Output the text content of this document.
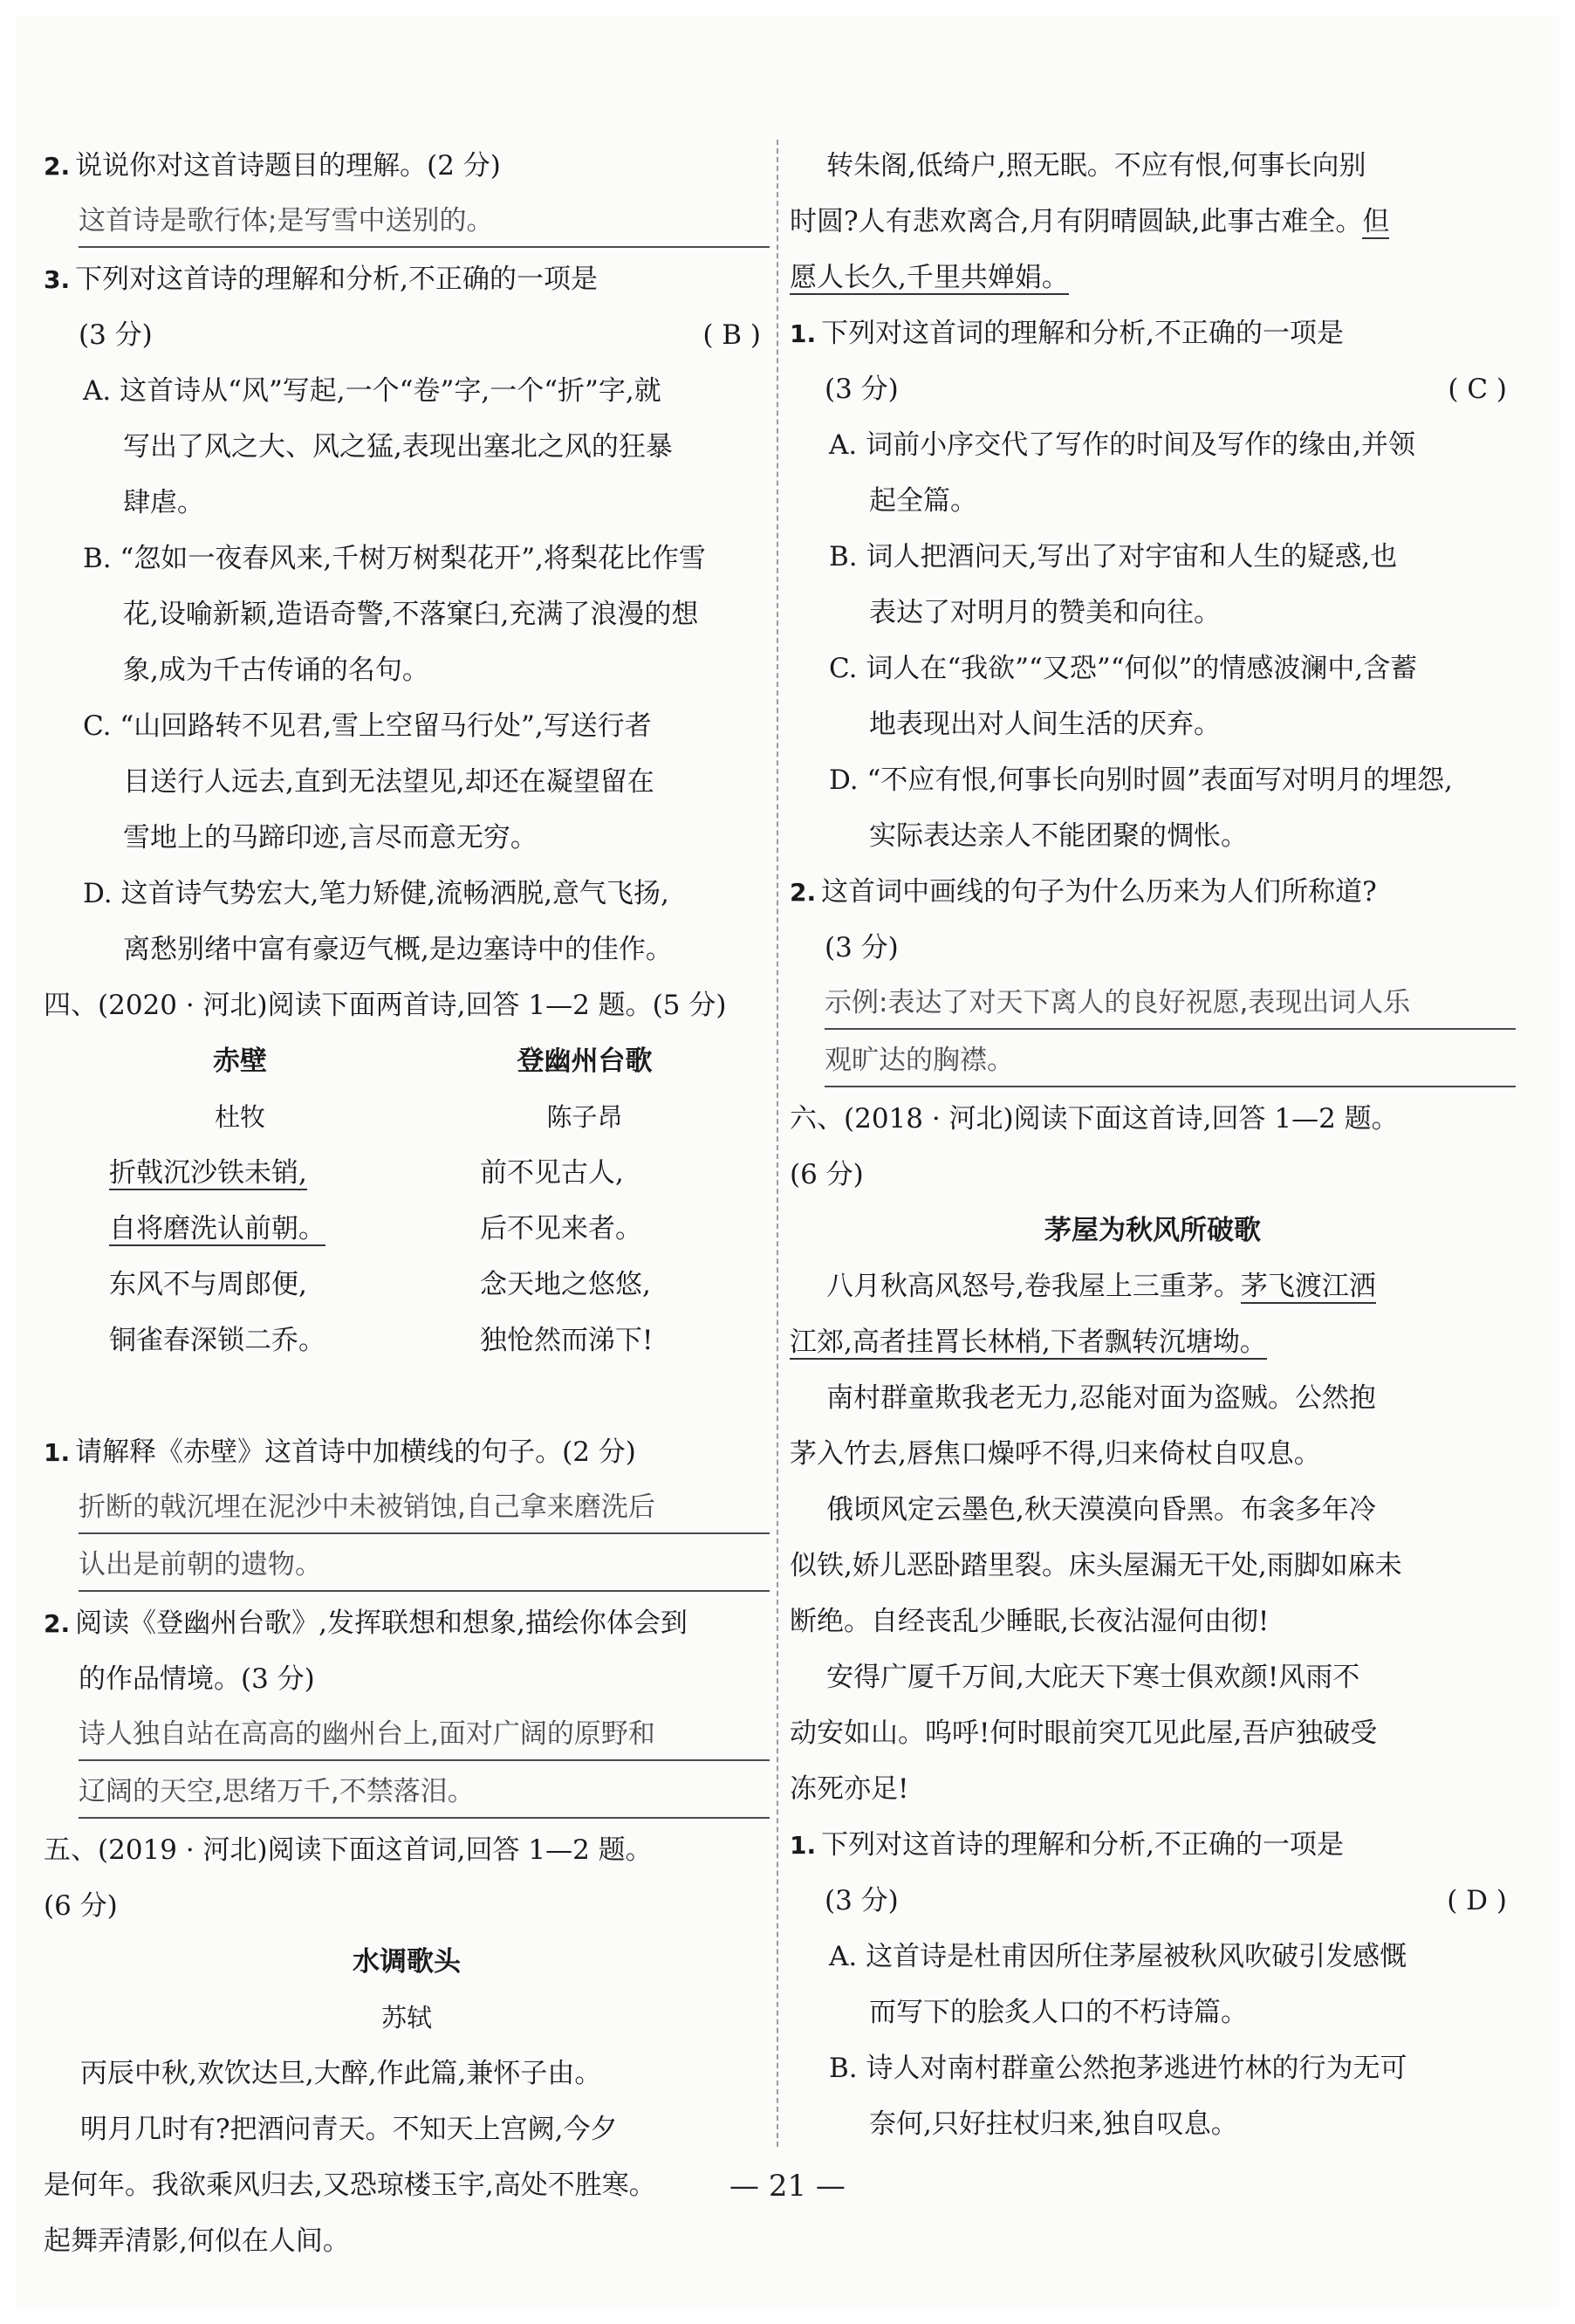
2. 说说你对这首诗题目的理解。(2 分)
这首诗是歌行体;是写雪中送别的。
3. 下列对这首诗的理解和分析,不正确的一项是
(3 分)	( B )
A. 这首诗从“风”写起,一个“卷”字,一个“折”字,就
写出了风之大、风之猛,表现出塞北之风的狂暴
肆虐。
B. “忽如一夜春风来,千树万树梨花开”,将梨花比作雪
花,设喻新颖,造语奇警,不落窠臼,充满了浪漫的想
象,成为千古传诵的名句。
C. “山回路转不见君,雪上空留马行处”,写送行者
目送行人远去,直到无法望见,却还在凝望留在
雪地上的马蹄印迹,言尽而意无穷。
D. 这首诗气势宏大,笔力矫健,流畅洒脱,意气飞扬,
离愁别绪中富有豪迈气概,是边塞诗中的佳作。
四、(2020 · 河北)阅读下面两首诗,回答 1—2 题。(5 分)
赤壁
杜牧
折戟沉沙铁未销,
自将磨洗认前朝。
东风不与周郎便,
铜雀春深锁二乔。
登幽州台歌
陈子昂
前不见古人,
后不见来者。
念天地之悠悠,
独怆然而涕下!
1. 请解释《赤壁》这首诗中加横线的句子。(2 分)
折断的戟沉埋在泥沙中未被销蚀,自己拿来磨洗后
认出是前朝的遗物。
2. 阅读《登幽州台歌》,发挥联想和想象,描绘你体会到
的作品情境。(3 分)
诗人独自站在高高的幽州台上,面对广阔的原野和
辽阔的天空,思绪万千,不禁落泪。
五、(2019 · 河北)阅读下面这首词,回答 1—2 题。
(6 分)
水调歌头
苏轼
丙辰中秋,欢饮达旦,大醉,作此篇,兼怀子由。
明月几时有?把酒问青天。不知天上宫阙,今夕
是何年。我欲乘风归去,又恐琼楼玉宇,高处不胜寒。
起舞弄清影,何似在人间。
转朱阁,低绮户,照无眠。不应有恨,何事长向别
时圆?人有悲欢离合,月有阴晴圆缺,此事古难全。但
愿人长久,千里共婵娟。
1. 下列对这首词的理解和分析,不正确的一项是
(3 分)	( C )
A. 词前小序交代了写作的时间及写作的缘由,并领
起全篇。
B. 词人把酒问天,写出了对宇宙和人生的疑惑,也
表达了对明月的赞美和向往。
C. 词人在“我欲”“又恐”“何似”的情感波澜中,含蓄
地表现出对人间生活的厌弃。
D. “不应有恨,何事长向别时圆”表面写对明月的埋怨,
实际表达亲人不能团聚的惆怅。
2. 这首词中画线的句子为什么历来为人们所称道?
(3 分)
示例:表达了对天下离人的良好祝愿,表现出词人乐
观旷达的胸襟。
六、(2018 · 河北)阅读下面这首诗,回答 1—2 题。
(6 分)
茅屋为秋风所破歌
八月秋高风怒号,卷我屋上三重茅。茅飞渡江洒
江郊,高者挂罥长林梢,下者飘转沉塘坳。
南村群童欺我老无力,忍能对面为盗贼。公然抱
茅入竹去,唇焦口燥呼不得,归来倚杖自叹息。
俄顷风定云墨色,秋天漠漠向昏黑。布衾多年冷
似铁,娇儿恶卧踏里裂。床头屋漏无干处,雨脚如麻未
断绝。自经丧乱少睡眠,长夜沾湿何由彻!
安得广厦千万间,大庇天下寒士俱欢颜!风雨不
动安如山。呜呼!何时眼前突兀见此屋,吾庐独破受
冻死亦足!
1. 下列对这首诗的理解和分析,不正确的一项是
(3 分)	( D )
A. 这首诗是杜甫因所住茅屋被秋风吹破引发感慨
而写下的脍炙人口的不朽诗篇。
B. 诗人对南村群童公然抱茅逃进竹林的行为无可
奈何,只好拄杖归来,独自叹息。
— 21 —
